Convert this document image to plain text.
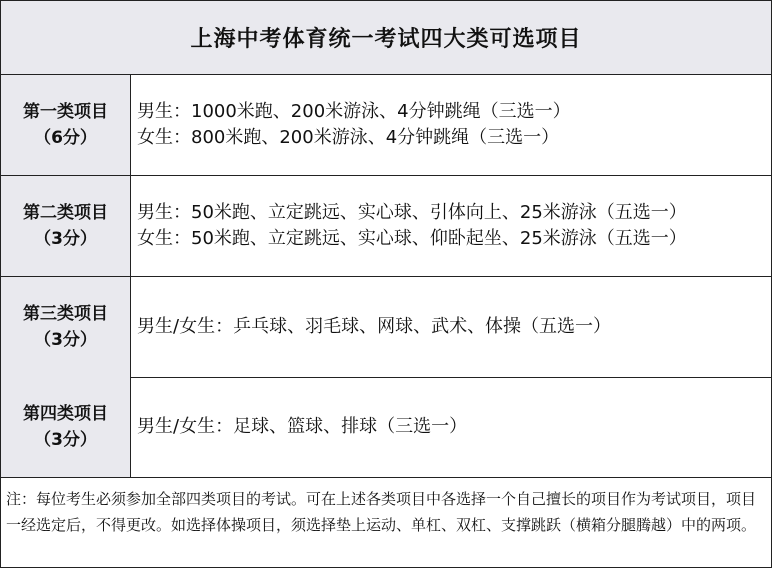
上海中考体育统一考试四大类可选项目
第一类项目
（6分）
男生：1000米跑、200米游泳、4分钟跳绳（三选一）
女生：800米跑、200米游泳、4分钟跳绳（三选一）
第二类项目
（3分）
男生：50米跑、立定跳远、实心球、引体向上、25米游泳（五选一）
女生：50米跑、立定跳远、实心球、仰卧起坐、25米游泳（五选一）
第三类项目
（3分）
男生/女生：乒乓球、羽毛球、网球、武术、体操（五选一）
第四类项目
（3分）
男生/女生：足球、篮球、排球（三选一）
注：每位考生必须参加全部四类项目的考试。可在上述各类项目中各选择一个自己擅长的项目作为考试项目，项目一经选定后，不得更改。如选择体操项目，须选择垫上运动、单杠、双杠、支撑跳跃（横箱分腿腾越）中的两项。
